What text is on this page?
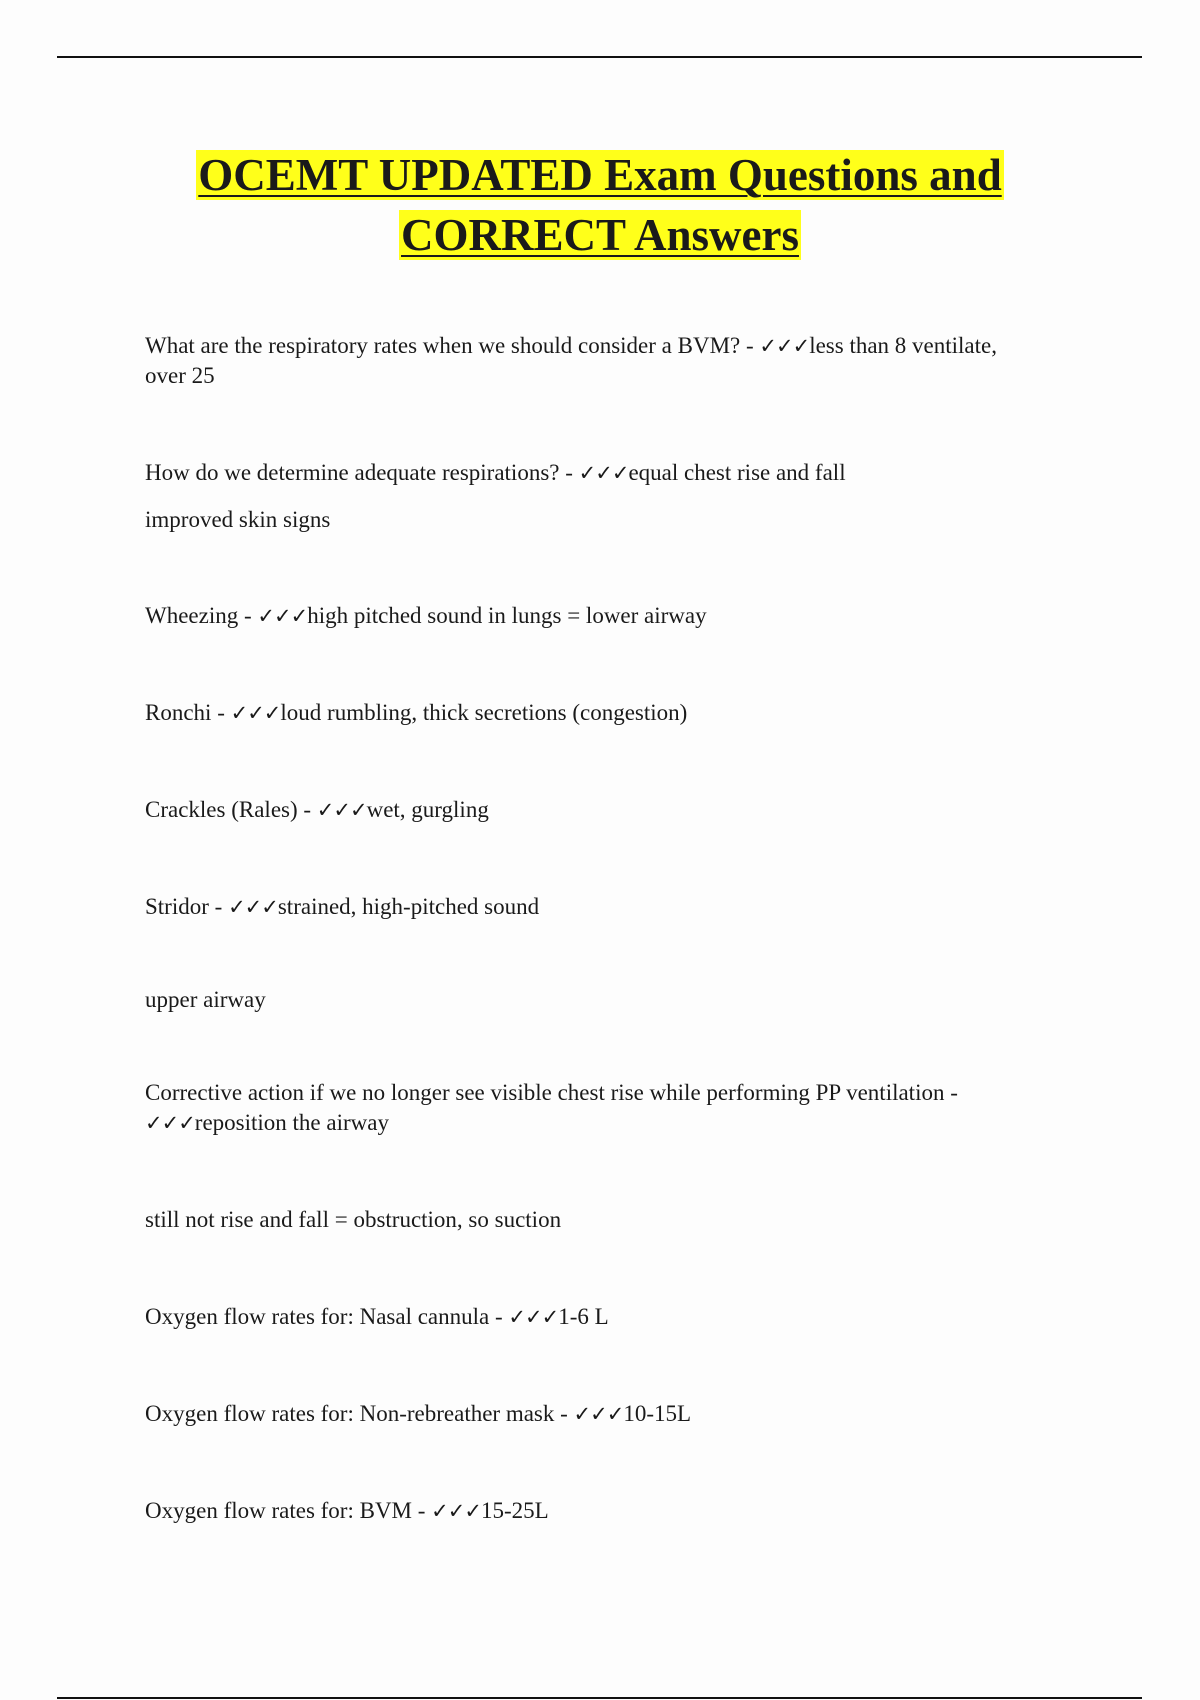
OCEMT UPDATED Exam Questions and
CORRECT Answers

What are the respiratory rates when we should consider a BVM? - ✓✓✓less than 8 ventilate,
over 25

How do we determine adequate respirations? - ✓✓✓equal chest rise and fall

improved skin signs

Wheezing - ✓✓✓high pitched sound in lungs = lower airway

Ronchi - ✓✓✓loud rumbling, thick secretions (congestion)

Crackles (Rales) - ✓✓✓wet, gurgling

Stridor - ✓✓✓strained, high-pitched sound

upper airway

Corrective action if we no longer see visible chest rise while performing PP ventilation -
✓✓✓reposition the airway

still not rise and fall = obstruction, so suction

Oxygen flow rates for: Nasal cannula - ✓✓✓1-6 L

Oxygen flow rates for: Non-rebreather mask - ✓✓✓10-15L

Oxygen flow rates for: BVM - ✓✓✓15-25L
